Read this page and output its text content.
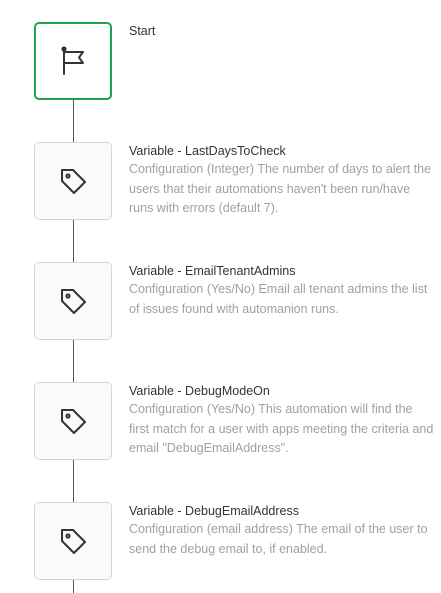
Start

Variable - LastDaysToCheck

Configuration (Integer) The number of days to alert the users that their automations haven't been run/have runs with errors (default 7).

Variable - EmailTenantAdmins

Configuration (Yes/No) Email all tenant admins the list of issues found with automanion runs.

Variable - DebugModeOn

Configuration (Yes/No) This automation will find the first match for a user with apps meeting the criteria and email "DebugEmailAddress".

Variable - DebugEmailAddress

Configuration (email address) The email of the user to send the debug email to, if enabled.
